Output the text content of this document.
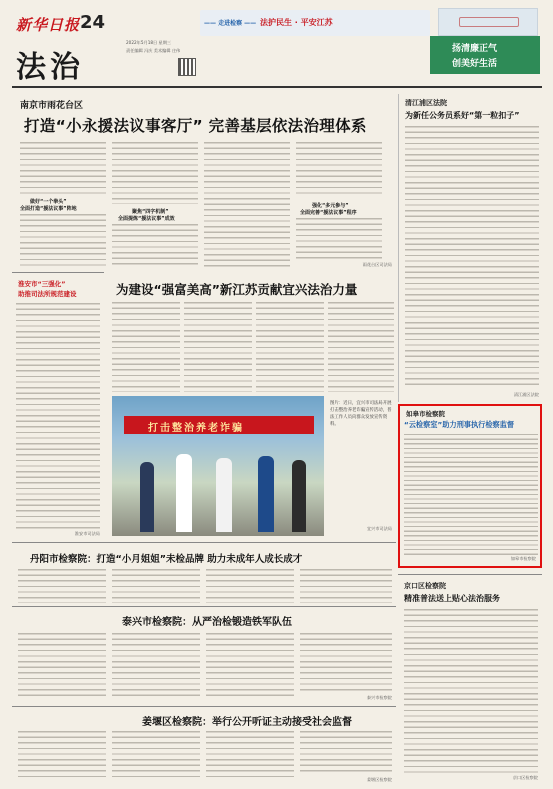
新华日报 24
法治
2022年5月18日 星期三
责任编辑 冯庆 美术编辑 庄伟
—— 走进检察 —— 法护民生 · 平安江苏
扬清廉正气
创美好生活
南京市雨花台区
打造“小永援法议事客厅” 完善基层依法治理体系
做好“一个拳头”
全面打造“援法议事”阵地	聚焦“四字机制”
全面提炼“援法议事”成效
强化“多元参与”
全面完善“援法议事”程序
雨花台区司法局
清江浦区法院
为新任公务员系好“第一粒扣子”
清江浦区法院
淮安市“三强化”
助推司法所规范建设
淮安市司法局
为建设“强富美高”新江苏贡献宜兴法治力量
打击整治养老诈骗
图片：近日，宜兴市司法局开展打击整治养老诈骗宣传活动，普法工作人员向群众发放宣传资料。
宜兴市司法局
如皋市检察院
“云检察室”助力刑事执行检察监督
如皋市检察院
丹阳市检察院：打造“小月姐姐”未检品牌 助力未成年人成长成才
泰兴市检察院：从严治检锻造铁军队伍
泰兴市检察院
姜堰区检察院：举行公开听证主动接受社会监督
姜堰区检察院
京口区检察院
精准普法送上贴心法治服务
京口区检察院
